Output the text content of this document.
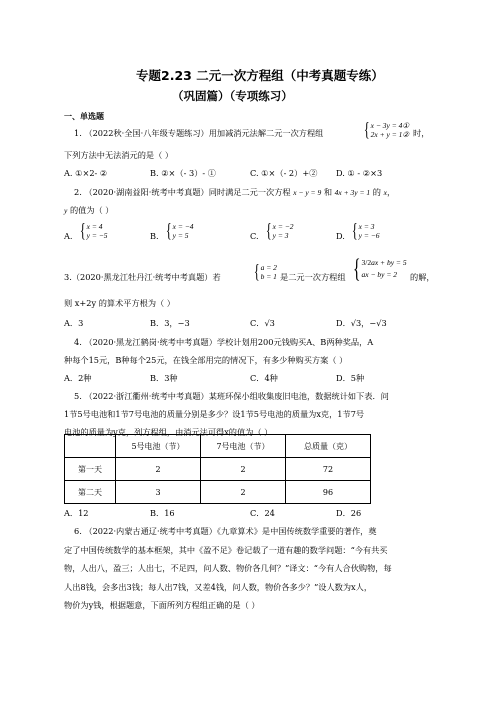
专题2.23 二元一次方程组（中考真题专练）
（巩固篇）（专项练习）
一、单选题
1. （2022秋·全国·八年级专题练习）用加减消元法解二元一次方程组 { x − 3y = 4①
2x + y = 1② 时，
下列方法中无法消元的是（ ）
A. ①×2- ②	B. ②×（- 3）- ①	C. ①×（- 2）+② D. ① - ②×3
2. （2020·湖南益阳·统考中考真题）同时满足二元一次方程 x − y = 9 和 4x + 3y = 1 的 x，
y 的值为（ ）
A. { x = 4
y = −5	B. { x = −4
y = 5	C. { x = −2
y = 3	D. { x = 3
y = −6
3.（2020·黑龙江牡丹江·统考中考真题）若 { a = 2
b = 1 是二元一次方程组 { 3/2ax + by = 5
ax − by = 2	的解，
则 x+2y 的算术平方根为（ ）
A．3	B．3，−3	C．√3	D．√3，−√3
4. （2020·黑龙江鹤岗·统考中考真题）学校计划用200元钱购买A、B两种奖品，A
种每个15元，B种每个25元，在钱全部用完的情况下，有多少种购买方案（ ）
A．2种	B．3种	C．4种	D．5种
5. （2022·浙江衢州·统考中考真题）某班环保小组收集废旧电池，数据统计如下表．问
1节5号电池和1节7号电池的质量分别是多少？设1节5号电池的质量为x克，1节7号
电池的质量为y克，列方程组，由消元法可得x的值为（ ）
	5号电池（节）	7号电池（节）	总质量（克）
第一天	2	2	72
第二天	3	2	96
A．12	B．16	C．24	D．26
6. （2022·内蒙古通辽·统考中考真题）《九章算术》是中国传统数学重要的著作，奠
定了中国传统数学的基本框架，其中《盈不足》卷记载了一道有趣的数学问题：“今有共买
物，人出八，盈三；人出七，不足四，问人数、物价各几何？”译文：“今有人合伙购物，每
人出8钱，会多出3钱；每人出7钱，又差4钱，问人数，物价各多少？”设人数为x人，
物价为y钱，根据题意，下面所列方程组正确的是（ ）
